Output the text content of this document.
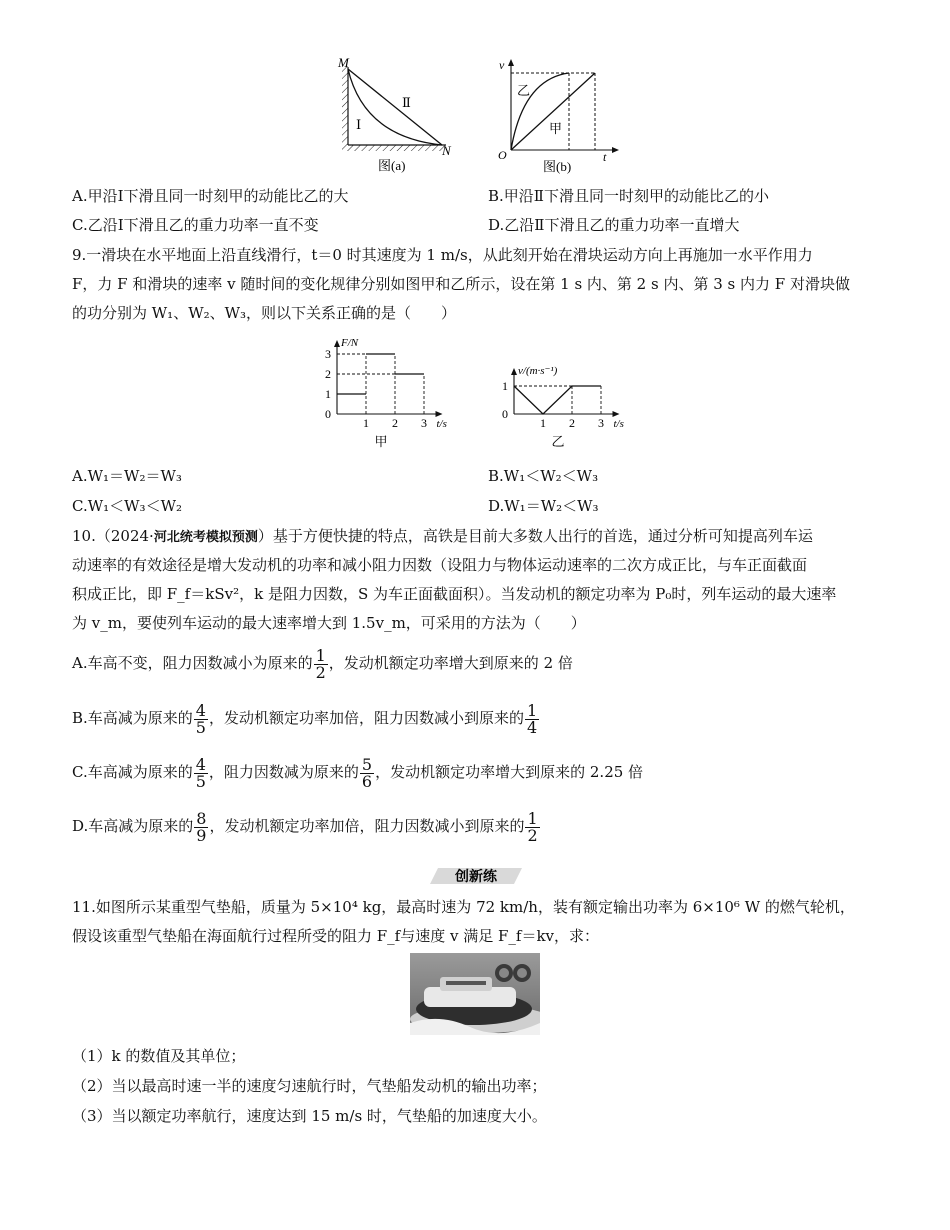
M
N
Ⅰ
Ⅱ
图(a)
v
O	t
乙
甲
图(b)
A.甲沿Ⅰ下滑且同一时刻甲的动能比乙的大	B.甲沿Ⅱ下滑且同一时刻甲的动能比乙的小
C.乙沿Ⅰ下滑且乙的重力功率一直不变	D.乙沿Ⅱ下滑且乙的重力功率一直增大
9.一滑块在水平地面上沿直线滑行，t＝0 时其速度为 1 m/s，从此刻开始在滑块运动方向上再施加一水平作用力
F，力 F 和滑块的速率 v 随时间的变化规律分别如图甲和乙所示，设在第 1 s 内、第 2 s 内、第 3 s 内力 F 对滑块做
的功分别为 W₁、W₂、W₃，则以下关系正确的是（　　）
1 2 3
0
1
2
3
t/s
F/N
甲
1 2 3
0
1
t/s
v/(m·s⁻¹)
乙
A.W₁＝W₂＝W₃	B.W₁＜W₂＜W₃
C.W₁＜W₃＜W₂	D.W₁＝W₂＜W₃
10.（2024·河北统考模拟预测）基于方便快捷的特点，高铁是目前大多数人出行的首选，通过分析可知提高列车运
动速率的有效途径是增大发动机的功率和减小阻力因数（设阻力与物体运动速率的二次方成正比，与车正面截面
积成正比，即 F_f＝kSv²，k 是阻力因数，S 为车正面截面积）。当发动机的额定功率为 P₀时，列车运动的最大速率
为 v_m，要使列车运动的最大速率增大到 1.5v_m，可采用的方法为（　　）
A.车高不变，阻力因数减小为原来的 $\frac{1}{2}$ ，发动机额定功率增大到原来的 2 倍
B.车高减为原来的 $\frac{4}{5}$ ，发动机额定功率加倍，阻力因数减小到原来的 $\frac{1}{4}$
C.车高减为原来的 $\frac{4}{5}$ ，阻力因数减为原来的 $\frac{5}{6}$ ，发动机额定功率增大到原来的 2.25 倍
D.车高减为原来的 $\frac{8}{9}$ ，发动机额定功率加倍，阻力因数减小到原来的 $\frac{1}{2}$
创新练
11.如图所示某重型气垫船，质量为 5×10⁴ kg，最高时速为 72 km/h，装有额定输出功率为 6×10⁶ W 的燃气轮机，
假设该重型气垫船在海面航行过程所受的阻力 F_f与速度 v 满足 F_f＝kv，求：
（1）k 的数值及其单位；
（2）当以最高时速一半的速度匀速航行时，气垫船发动机的输出功率；
（3）当以额定功率航行，速度达到 15 m/s 时，气垫船的加速度大小。
